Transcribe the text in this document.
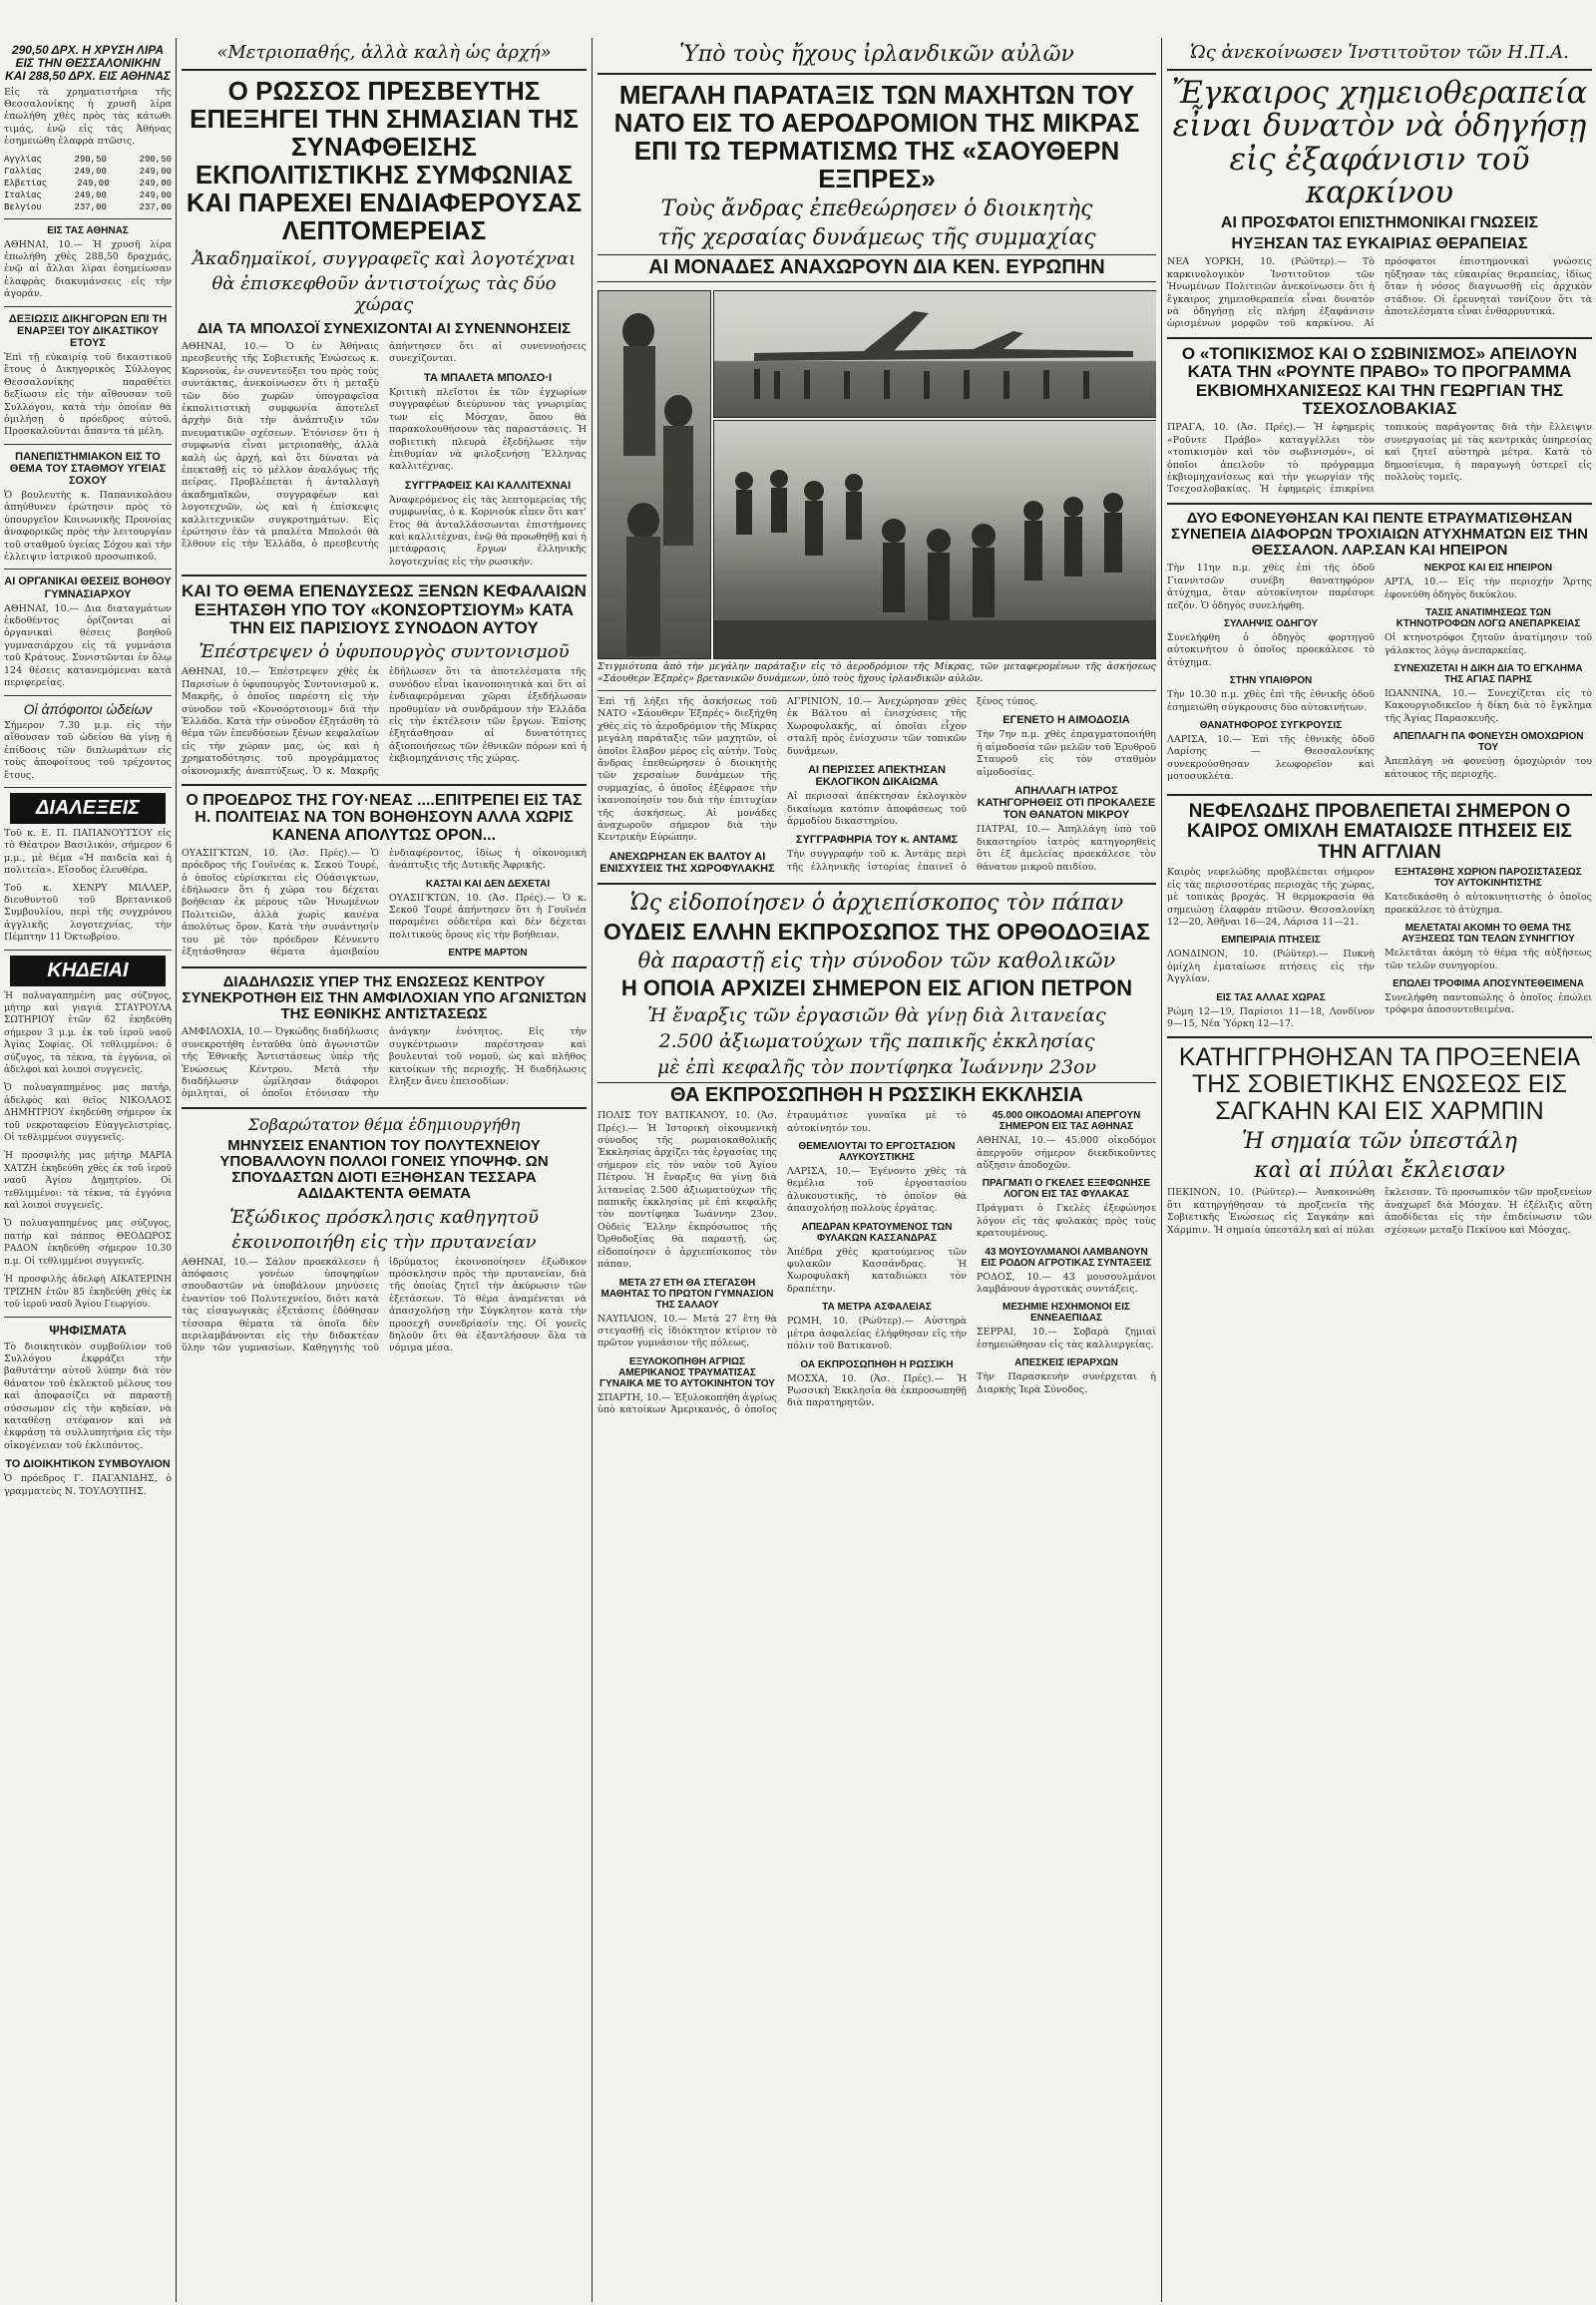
290,50 ΔΡΧ. Η ΧΡΥΣΗ ΛΙΡΑ ΕΙΣ ΤΗΝ ΘΕΣΣΑΛΟΝΙΚΗΝ ΚΑΙ 288,50 ΔΡΧ. ΕΙΣ ΑΘΗΝΑΣ

Εἰς τὰ χρηματιστήρια τῆς Θεσσαλονίκης ἡ χρυσῆ λίρα ἐπωλήθη χθὲς πρὸς τὰς κάτωθι τιμάς, ἐνῷ εἰς τὰς Ἀθήνας ἐσημειώθη ἐλαφρὰ πτῶσις.

Αγγλίας	290,50	290,50
Γαλλίας	249,00	249,00
Ελβετίας	249,00	249,00
Ιταλίας	249,00	249,00
Βελγίου	237,00	237,00
ΕΙΣ ΤΑΣ ΑΘΗΝΑΣ

ΑΘΗΝΑΙ, 10.— Ἡ χρυσῆ λίρα ἐπωλήθη χθὲς 288,50 δραχμάς, ἐνῷ αἱ ἄλλαι λίραι ἐσημείωσαν ἐλαφρὰς διακυμάνσεις εἰς τὴν ἀγοράν.

ΔΕΞΙΩΣΙΣ ΔΙΚΗΓΟΡΩΝ ΕΠΙ ΤΗ ΕΝΑΡΞΕΙ ΤΟΥ ΔΙΚΑΣΤΙΚΟΥ ΕΤΟΥΣ

Ἐπὶ τῇ εὐκαιρίᾳ τοῦ δικαστικοῦ ἔτους ὁ Δικηγορικὸς Σύλλογος Θεσσαλονίκης παραθέτει δεξίωσιν εἰς τὴν αἴθουσαν τοῦ Συλλόγου, κατὰ τὴν ὁποίαν θὰ ὁμιλήσῃ ὁ πρόεδρος αὐτοῦ. Προσκαλοῦνται ἅπαντα τὰ μέλη.

ΠΑΝΕΠΙΣΤΗΜΙΑΚΟΝ ΕΙΣ ΤΟ ΘΕΜΑ ΤΟΥ ΣΤΑΘΜΟΥ ΥΓΕΙΑΣ ΣΟΧΟΥ

Ὁ βουλευτὴς κ. Παπανικολάου ἀπηύθυνεν ἐρώτησιν πρὸς τὸ ὑπουργεῖον Κοινωνικῆς Προνοίας ἀναφορικῶς πρὸς τὴν λειτουργίαν τοῦ σταθμοῦ ὑγείας Σόχου καὶ τὴν ἐλλειψιν ἰατρικοῦ προσωπικοῦ.

ΑΙ ΟΡΓΑΝΙΚΑΙ ΘΕΣΕΙΣ ΒΟΗΘΟΥ ΓΥΜΝΑΣΙΑΡΧΟΥ

ΑΘΗΝΑΙ, 10.— Δια διαταγμάτων ἐκδοθέντος ὁρίζονται αἱ ὀργανικαὶ θέσεις βοηθοῦ γυμνασιάρχου εἰς τὰ γυμνάσια τοῦ Κράτους. Συνιστῶνται ἐν ὅλῳ 124 θέσεις κατανεμόμεναι κατὰ περιφερείας.

Οἱ ἀπόφοιτοι ὡδείων

Σήμερον 7.30 μ.μ. εἰς τὴν αἴθουσαν τοῦ ὡδείου θὰ γίνῃ ἡ ἐπίδοσις τῶν διπλωμάτων εἰς τοὺς ἀποφοίτους τοῦ τρέχοντος ἔτους.

ΔΙΑΛΕΞΕΙΣ

Τοῦ κ. Ε. Π. ΠΑΠΑΝΟΥΤΣΟΥ εἰς τὸ Θέατρον Βασιλικόν, σήμερον 6 μ.μ., μὲ θέμα «Ἡ παιδεία καὶ ἡ πολιτεία». Εἴσοδος ἐλευθέρα.

Τοῦ κ. ΧΕΝΡΥ ΜΙΛΛΕΡ, διευθυντοῦ τοῦ Βρετανικοῦ Συμβουλίου, περὶ τῆς συγχρόνου ἀγγλικῆς λογοτεχνίας, τὴν Πέμπτην 11 Ὀκτωβρίου.

ΚΗΔΕΙΑΙ

Ἡ πολυαγαπημένη μας σύζυγος, μήτηρ καὶ γιαγιὰ ΣΤΑΥΡΟΥΛΑ ΣΩΤΗΡΙΟΥ ἐτῶν 62 ἐκηδεύθη σήμερον 3 μ.μ. ἐκ τοῦ ἱεροῦ ναοῦ Ἁγίας Σοφίας. Οἱ τεθλιμμένοι: ὁ σύζυγος, τὰ τέκνα, τὰ ἐγγόνια, οἱ ἀδελφοὶ καὶ λοιποὶ συγγενεῖς.

Ὁ πολυαγαπημένος μας πατήρ, ἀδελφὸς καὶ θεῖος ΝΙΚΟΛΑΟΣ ΔΗΜΗΤΡΙΟΥ ἐκηδεύθη σήμερον ἐκ τοῦ νεκροταφείου Εὐαγγελιστρίας. Οἱ τεθλιμμένοι συγγενεῖς.

Ἡ προσφιλὴς μας μήτηρ ΜΑΡΙΑ ΧΑΤΖΗ ἐκηδεύθη χθὲς ἐκ τοῦ ἱεροῦ ναοῦ Ἁγίου Δημητρίου. Οἱ τεθλιμμένοι: τὰ τέκνα, τὰ ἐγγόνια καὶ λοιποὶ συγγενεῖς.

Ὁ πολυαγαπημένος μας σύζυγος, πατήρ καὶ πάππος ΘΕΟΔΩΡΟΣ ΡΑΔΟΝ ἐκηδεύθη σήμερον 10.30 π.μ. Οἱ τεθλιμμένοι συγγενεῖς.

Ἡ προσφιλὴς ἀδελφὴ ΑΙΚΑΤΕΡΙΝΗ ΤΡΙΖΗΝ ἐτῶν 85 ἐκηδεύθη χθὲς ἐκ τοῦ ἱεροῦ ναοῦ Ἁγίου Γεωργίου.

ΨΗΦΙΣΜΑΤΑ

Τὸ διοικητικὸν συμβούλιον τοῦ Συλλόγου ἐκφράζει τὴν βαθυτάτην αὐτοῦ λύπην διὰ τὸν θάνατον τοῦ ἐκλεκτοῦ μέλους του καὶ ἀποφασίζει νὰ παραστῇ σύσσωμον εἰς τὴν κηδείαν, νὰ καταθέσῃ στέφανον καὶ νὰ ἐκφράσῃ τὰ συλλυπητήρια εἰς τὴν οἰκογένειαν τοῦ ἐκλιπόντος.

ΤΟ ΔΙΟΙΚΗΤΙΚΟΝ ΣΥΜΒΟΥΛΙΟΝ

Ὁ πρόεδρος Γ. ΠΑΓΑΝΙΔΗΣ, ὁ γραμματεὺς Ν. ΤΟΥΛΟΥΠΗΣ.

«Μετριοπαθής, ἀλλὰ καλὴ ὡς ἀρχή»
Ο ΡΩΣΣΟΣ ΠΡΕΣΒΕΥΤΗΣ ΕΠΕΞΗΓΕΙ ΤΗΝ ΣΗΜΑΣΙΑΝ ΤΗΣ ΣΥΝΑΦΘΕΙΣΗΣ ΕΚΠΟΛΙΤΙΣΤΙΚΗΣ ΣΥΜΦΩΝΙΑΣ ΚΑΙ ΠΑΡΕΧΕΙ ΕΝΔΙΑΦΕΡΟΥΣΑΣ ΛΕΠΤΟΜΕΡΕΙΑΣ
Ἀκαδημαϊκοί, συγγραφεῖς καὶ λογοτέχναι
θὰ ἐπισκεφθοῦν ἀντιστοίχως τὰς δύο χώρας
ΔΙΑ ΤΑ ΜΠΟΛΣΟΪ ΣΥΝΕΧΙΖΟΝΤΑΙ ΑΙ ΣΥΝΕΝΝΟΗΣΕΙΣ

ΑΘΗΝΑΙ, 10.— Ὁ ἐν Ἀθήναις πρεσβευτὴς τῆς Σοβιετικῆς Ἑνώσεως κ. Κορνιούκ, ἐν συνεντεύξει του πρὸς τοὺς συντάκτας, ἀνεκοίνωσεν ὅτι ἡ μεταξὺ τῶν δύο χωρῶν ὑπογραφεῖσα ἐκπολιτιστικὴ συμφωνία ἀποτελεῖ ἀρχὴν διὰ τὴν ἀνάπτυξιν τῶν πνευματικῶν σχέσεων. Ἐτόνισεν ὅτι ἡ συμφωνία εἶναι μετριοπαθής, ἀλλὰ καλὴ ὡς ἀρχή, καὶ ὅτι δύναται νὰ ἐπεκταθῇ εἰς τὸ μέλλον ἀναλόγως τῆς πείρας. Προβλέπεται ἡ ἀνταλλαγὴ ἀκαδημαϊκῶν, συγγραφέων καὶ λογοτεχνῶν, ὡς καὶ ἡ ἐπίσκεψις καλλιτεχνικῶν συγκροτημάτων. Εἰς ἐρώτησιν ἐὰν τὰ μπαλέτα Μπολσόι θὰ ἔλθουν εἰς τὴν Ἑλλάδα, ὁ πρεσβευτὴς ἀπήντησεν ὅτι αἱ συνεννοήσεις συνεχίζονται.

ΤΑ ΜΠΑΛΕΤΑ ΜΠΟΛΣΟ·Ι

Κριτικὴ πλεῖστοι ἐκ τῶν ἐγχωρίων συγγραφέων διεύρυνον τὰς γνωριμίας των εἰς Μόσχαν, ὅπου θὰ παρακολουθήσουν τὰς παραστάσεις. Ἡ σοβιετικὴ πλευρὰ ἐξεδήλωσε τὴν ἐπιθυμίαν νὰ φιλοξενήσῃ Ἕλληνας καλλιτέχνας.

ΣΥΓΓΡΑΦΕΙΣ ΚΑΙ ΚΑΛΛΙΤΕΧΝΑΙ

Ἀναφερόμενος εἰς τὰς λεπτομερείας τῆς συμφωνίας, ὁ κ. Κορνιούκ εἶπεν ὅτι κατ' ἔτος θὰ ἀνταλλάσσωνται ἐπιστήμονες καὶ καλλιτέχναι, ἐνῷ θὰ προωθηθῇ καὶ ἡ μετάφρασις ἔργων ἑλληνικῆς λογοτεχνίας εἰς τὴν ρωσικήν.

ΚΑΙ ΤΟ ΘΕΜΑ ΕΠΕΝΔΥΣΕΩΣ ΞΕΝΩΝ ΚΕΦΑΛΑΙΩΝ ΕΞΗΤΑΣΘΗ ΥΠΟ ΤΟΥ «ΚΟΝΣΟΡΤΣΙΟΥΜ» ΚΑΤΑ ΤΗΝ ΕΙΣ ΠΑΡΙΣΙΟΥΣ ΣΥΝΟΔΟΝ ΑΥΤΟΥ
Ἐπέστρεψεν ὁ ὑφυπουργὸς συντονισμοῦ

ΑΘΗΝΑΙ, 10.— Ἐπέστρεψεν χθὲς ἐκ Παρισίων ὁ ὑφυπουργὸς Συντονισμοῦ κ. Μακρῆς, ὁ ὁποῖος παρέστη εἰς τὴν σύνοδον τοῦ «Κονσόρτσιουμ» διὰ τὴν Ἑλλάδα. Κατὰ τὴν σύνοδον ἐξητάσθη τὸ θέμα τῶν ἐπενδύσεων ξένων κεφαλαίων εἰς τὴν χώραν μας, ὡς καὶ ἡ χρηματοδότησις τοῦ προγράμματος οἰκονομικῆς ἀναπτύξεως. Ὁ κ. Μακρῆς ἐδήλωσεν ὅτι τὰ ἀποτελέσματα τῆς συνόδου εἶναι ἱκανοποιητικὰ καὶ ὅτι αἱ ἐνδιαφερόμεναι χῶραι ἐξεδήλωσαν προθυμίαν νὰ συνδράμουν τὴν Ἑλλάδα εἰς τὴν ἐκτέλεσιν τῶν ἔργων. Ἐπίσης ἐξητάσθησαν αἱ δυνατότητες ἀξιοποιήσεως τῶν ἐθνικῶν πόρων καὶ ἡ ἐκβιομηχάνισις τῆς χώρας.

Ο ΠΡΟΕΔΡΟΣ ΤΗΣ ΓΟΥ·ΝΕΑΣ ....ΕΠΙΤΡΕΠΕΙ ΕΙΣ ΤΑΣ Η. ΠΟΛΙΤΕΙΑΣ ΝΑ ΤΟΝ ΒΟΗΘΗΣΟΥΝ ΑΛΛΑ ΧΩΡΙΣ ΚΑΝΕΝΑ ΑΠΟΛΥΤΩΣ ΟΡΟΝ...

ΟΥΑΣΙΓΚΤΩΝ, 10. (Ἀσ. Πρές).— Ὁ πρόεδρος τῆς Γουϊνέας κ. Σεκού Τουρέ, ὁ ὁποῖος εὑρίσκεται εἰς Οὐάσιγκτων, ἐδήλωσεν ὅτι ἡ χώρα του δέχεται βοήθειαν ἐκ μέρους τῶν Ἡνωμένων Πολιτειῶν, ἀλλὰ χωρὶς κανένα ἀπολύτως ὅρον. Κατὰ τὴν συνάντησίν του μὲ τὸν πρόεδρον Κέννεντυ ἐξητάσθησαν θέματα ἀμοιβαίου ἐνδιαφέροντος, ἰδίως ἡ οἰκονομικὴ ἀνάπτυξις τῆς Δυτικῆς Ἀφρικῆς.

ΚΑΣΤΑΙ ΚΑΙ ΔΕΝ ΔΕΧΕΤΑΙ

ΟΥΑΣΙΓΚΤΩΝ, 10. (Ἀσ. Πρές).— Ὁ κ. Σεκοῦ Τουρέ ἀπήντησεν ὅτι ἡ Γουϊνέα παραμένει οὐδετέρα καὶ δὲν δέχεται πολιτικοὺς ὅρους εἰς τὴν βοήθειαν.

ΕΝΤΡΕ ΜΑΡΤΟΝ
ΔΙΑΔΗΛΩΣΙΣ ΥΠΕΡ ΤΗΣ ΕΝΩΣΕΩΣ ΚΕΝΤΡΟΥ ΣΥΝΕΚΡΟΤΗΘΗ ΕΙΣ ΤΗΝ ΑΜΦΙΛΟΧΙΑΝ ΥΠΟ ΑΓΩΝΙΣΤΩΝ ΤΗΣ ΕΘΝΙΚΗΣ ΑΝΤΙΣΤΑΣΕΩΣ

ΑΜΦΙΛΟΧΙΑ, 10.— Ὀγκώδης διαδήλωσις συνεκροτήθη ἐνταῦθα ὑπὸ ἀγωνιστῶν τῆς Ἐθνικῆς Ἀντιστάσεως ὑπὲρ τῆς Ἑνώσεως Κέντρου. Μετὰ τὴν διαδήλωσιν ὡμίλησαν διάφοροι ὁμιληταὶ, οἱ ὁποῖοι ἐτόνισαν τὴν ἀνάγκην ἑνότητος. Εἰς τὴν συγκέντρωσιν παρέστησαν καὶ βουλευταὶ τοῦ νομοῦ, ὡς καὶ πλῆθος κατοίκων τῆς περιοχῆς. Ἡ διαδήλωσις ἔληξεν ἄνευ ἐπεισοδίων.

Σοβαρώτατον θέμα ἐδημιουργήθη
ΜΗΝΥΣΕΙΣ ΕΝΑΝΤΙΟΝ ΤΟΥ ΠΟΛΥΤΕΧΝΕΙΟΥ ΥΠΟΒΑΛΛΟΥΝ ΠΟΛΛΟΙ ΓΟΝΕΙΣ ΥΠΟΨΗΦ. ΩΝ ΣΠΟΥΔΑΣΤΩΝ ΔΙΟΤΙ ΕΞΗΘΗΣΑΝ ΤΕΣΣΑΡΑ ΑΔΙΔΑΚΤΕΝΤΑ ΘΕΜΑΤΑ
Ἐξώδικος πρόσκλησις καθηγητοῦ
ἐκοινοποιήθη εἰς τὴν πρυτανείαν

ΑΘΗΝΑΙ, 10.— Σάλον προεκάλεσεν ἡ ἀπόφασις γονέων ὑποψηφίων σπουδαστῶν νὰ ὑποβάλουν μηνύσεις ἐναντίον τοῦ Πολυτεχνείου, διότι κατὰ τὰς εἰσαγωγικὰς ἐξετάσεις ἐδόθησαν τέσσαρα θέματα τὰ ὁποῖα δὲν περιλαμβάνονται εἰς τὴν διδακτέαν ὕλην τῶν γυμνασίων. Καθηγητὴς τοῦ ἱδρύματος ἐκοινοποίησεν ἐξώδικον πρόσκλησιν πρὸς τὴν πρυτανείαν, διὰ τῆς ὁποίας ζητεῖ τὴν ἀκύρωσιν τῶν ἐξετάσεων. Τὸ θέμα ἀναμένεται νὰ ἀπασχολήσῃ τὴν Σύγκλητον κατὰ τὴν προσεχῆ συνεδρίασίν της. Οἱ γονεῖς δηλοῦν ὅτι θὰ ἐξαντλήσουν ὅλα τὰ νόμιμα μέσα.

Ὑπὸ τοὺς ἤχους ἰρλανδικῶν αὐλῶν
ΜΕΓΑΛΗ ΠΑΡΑΤΑΞΙΣ ΤΩΝ ΜΑΧΗΤΩΝ ΤΟΥ ΝΑΤΟ ΕΙΣ ΤΟ ΑΕΡΟΔΡΟΜΙΟΝ ΤΗΣ ΜΙΚΡΑΣ ΕΠΙ ΤΩ ΤΕΡΜΑΤΙΣΜΩ ΤΗΣ «ΣΑΟΥΘΕΡΝ ΕΞΠΡΕΣ»
Τοὺς ἄνδρας ἐπεθεώρησεν ὁ διοικητὴς
τῆς χερσαίας δυνάμεως τῆς συμμαχίας
ΑΙ ΜΟΝΑΔΕΣ ΑΝΑΧΩΡΟΥΝ ΔΙΑ ΚΕΝ. ΕΥΡΩΠΗΝ

Στιγμιότυπα ἀπὸ τὴν μεγάλην παράταξιν εἰς τὸ ἀεροδρόμιον τῆς Μίκρας, τῶν μεταφερομένων τῆς ἀσκήσεως «Σάουθερν Ἐξπρὲς» βρετανικῶν δυνάμεων, ὑπὸ τοὺς ἤχους ἰρλανδικῶν αὐλῶν.

Ἐπὶ τῇ λήξει τῆς ἀσκήσεως τοῦ ΝΑΤΟ «Σάουθερν Ἐξπρές» διεξήχθη χθὲς εἰς τὸ ἀεροδρόμιον τῆς Μίκρας μεγάλη παράταξις τῶν μαχητῶν, οἱ ὁποῖοι ἔλαβον μέρος εἰς αὐτήν. Τοὺς ἄνδρας ἐπεθεώρησεν ὁ διοικητὴς τῶν χερσαίων δυνάμεων τῆς συμμαχίας, ὁ ὁποῖος ἐξέφρασε τὴν ἱκανοποίησίν του διὰ τὴν ἐπιτυχίαν τῆς ἀσκήσεως. Αἱ μονάδες ἀναχωροῦν σήμερον διὰ τὴν Κεντρικὴν Εὐρώπην.

ΑΝΕΧΩΡΗΣΑΝ ΕΚ ΒΑΛΤΟΥ ΑΙ ΕΝΙΣΧΥΣΕΙΣ ΤΗΣ ΧΩΡΟΦΥΛΑΚΗΣ

ΑΓΡΙΝΙΟΝ, 10.— Ἀνεχώρησαν χθὲς ἐκ Βάλτου αἱ ἐνισχύσεις τῆς Χωροφυλακῆς, αἱ ὁποῖαι εἶχον σταλῆ πρὸς ἐνίσχυσιν τῶν τοπικῶν δυνάμεων.

ΑΙ ΠΕΡΙΣΣΕΣ ΑΠΕΚΤΗΣΑΝ ΕΚΛΟΓΙΚΟΝ ΔΙΚΑΙΩΜΑ

Αἱ περισσαὶ ἀπέκτησαν ἐκλογικὸν δικαίωμα κατόπιν ἀποφάσεως τοῦ ἁρμοδίου δικαστηρίου.

ΣΥΓΓΡΑΦΗΡΙΑ ΤΟΥ κ. ΑΝΤΑΜΣ

Τὴν συγγραφὴν τοῦ κ. Ἀντάμς περὶ τῆς ἑλληνικῆς ἱστορίας ἐπαινεῖ ὁ ξένος τύπος.

ΕΓΕΝΕΤΟ Η ΑΙΜΟΔΟΣΙΑ

Τὴν 7ην π.μ. χθὲς ἐπραγματοποιήθη ἡ αἱμοδοσία τῶν μελῶν τοῦ Ἐρυθροῦ Σταυροῦ εἰς τὸν σταθμὸν αἱμοδοσίας.

ΑΠΗΛΛΑΓΗ ΙΑΤΡΟΣ ΚΑΤΗΓΟΡΗΘΕΙΣ ΟΤΙ ΠΡΟΚΑΛΕΣΕ ΤΟΝ ΘΑΝΑΤΟΝ ΜΙΚΡΟΥ

ΠΑΤΡΑΙ, 10.— Ἀπηλλάγη ὑπὸ τοῦ δικαστηρίου ἰατρὸς κατηγορηθεὶς ὅτι ἐξ ἀμελείας προεκάλεσε τὸν θάνατον μικροῦ παιδίου.

Ὡς εἰδοποίησεν ὁ ἀρχιεπίσκοπος τὸν πάπαν
ΟΥΔΕΙΣ ΕΛΛΗΝ ΕΚΠΡΟΣΩΠΟΣ ΤΗΣ ΟΡΘΟΔΟΞΙΑΣ
θὰ παραστῇ εἰς τὴν σύνοδον τῶν καθολικῶν
Η ΟΠΟΙΑ ΑΡΧΙΖΕΙ ΣΗΜΕΡΟΝ ΕΙΣ ΑΓΙΟΝ ΠΕΤΡΟΝ
Ἡ ἔναρξις τῶν ἐργασιῶν θὰ γίνῃ διὰ λιτανείας
2.500 ἀξιωματούχων τῆς παπικῆς ἐκκλησίας
μὲ ἐπὶ κεφαλῆς τὸν ποντίφηκα Ἰωάννην 23ον
ΘΑ ΕΚΠΡΟΣΩΠΗΘΗ Η ΡΩΣΣΙΚΗ ΕΚΚΛΗΣΙΑ

ΠΟΛΙΣ ΤΟΥ ΒΑΤΙΚΑΝΟΥ, 10. (Ἀσ. Πρές).— Ἡ Ἱστορικὴ οἰκουμενικὴ σύνοδος τῆς ρωμαιοκαθολικῆς Ἐκκλησίας ἀρχίζει τὰς ἐργασίας της σήμερον εἰς τὸν ναὸν τοῦ Ἁγίου Πέτρου. Ἡ ἔναρξις θὰ γίνῃ διὰ λιτανείας 2.500 ἀξιωματούχων τῆς παπικῆς ἐκκλησίας μὲ ἐπὶ κεφαλῆς τὸν ποντίφηκα Ἰωάννην 23ον. Οὐδεὶς Ἕλλην ἐκπρόσωπος τῆς Ὀρθοδοξίας θὰ παραστῇ, ὡς εἰδοποίησεν ὁ ἀρχιεπίσκοπος τὸν πάπαν.

ΜΕΤΑ 27 ΕΤΗ ΘΑ ΣΤΕΓΑΣΘΗ ΜΑΘΗΤΑΣ ΤΟ ΠΡΩΤΟΝ ΓΥΜΝΑΣΙΟΝ ΤΗΣ ΣΑΛΑΟΥ

ΝΑΥΠΛΙΟΝ, 10.— Μετὰ 27 ἔτη θὰ στεγασθῇ εἰς ἰδιόκτητον κτίριον τὸ πρῶτον γυμνάσιον τῆς πόλεως.

ΕΞΥΛΟΚΟΠΗΘΗ ΑΓΡΙΩΣ ΑΜΕΡΙΚΑΝΟΣ ΤΡΑΥΜΑΤΙΣΑΣ ΓΥΝΑΙΚΑ ΜΕ ΤΟ ΑΥΤΟΚΙΝΗΤΟΝ ΤΟΥ

ΣΠΑΡΤΗ, 10.— Ἐξυλοκοπήθη ἀγρίως ὑπὸ κατοίκων Ἀμερικανός, ὁ ὁποῖος ἐτραυμάτισε γυναῖκα μὲ τὸ αὐτοκίνητόν του.

ΘΕΜΕΛΙΟΥΤΑΙ ΤΟ ΕΡΓΟΣΤΑΣΙΟΝ ΑΛΥΚΟΥΣΤΙΚΗΣ

ΛΑΡΙΣΑ, 10.— Ἐγένοντο χθὲς τὰ θεμέλια τοῦ ἐργοστασίου ἀλυκουστικῆς, τὸ ὁποῖον θὰ ἀπασχολήσῃ πολλοὺς ἐργάτας.

ΑΠΕΔΡΑΝ ΚΡΑΤΟΥΜΕΝΟΣ ΤΩΝ ΦΥΛΑΚΩΝ ΚΑΣΣΑΝΔΡΑΣ

Ἀπέδρα χθὲς κρατούμενος τῶν φυλακῶν Κασσάνδρας. Ἡ Χωροφυλακὴ καταδιώκει τὸν δραπέτην.

ΤΑ ΜΕΤΡΑ ΑΣΦΑΛΕΙΑΣ

ΡΩΜΗ, 10. (Ρώϋτερ).— Αὐστηρὰ μέτρα ἀσφαλείας ἐλήφθησαν εἰς τὴν πόλιν τοῦ Βατικανοῦ.

ΟΑ ΕΚΠΡΟΣΩΠΗΘΗ Η ΡΩΣΣΙΚΗ

ΜΟΣΧΑ, 10. (Ἀσ. Πρές).— Ἡ Ρωσσικὴ Ἐκκλησία θὰ ἐκπροσωπηθῇ διὰ παρατηρητῶν.

45.000 ΟΙΚΟΔΟΜΑΙ ΑΠΕΡΓΟΥΝ ΣΗΜΕΡΟΝ ΕΙΣ ΤΑΣ ΑΘΗΝΑΣ

ΑΘΗΝΑΙ, 10.— 45.000 οἰκοδόμοι ἀπεργοῦν σήμερον διεκδικοῦντες αὔξησιν ἀποδοχῶν.

ΠΡΑΓΜΑΤΙ Ο ΓΚΕΛΕΣ ΕΞΕΦΩΝΗΣΕ ΛΟΓΟΝ ΕΙΣ ΤΑΣ ΦΥΛΑΚΑΣ

Πράγματι ὁ Γκελὲς ἐξεφώνησε λόγον εἰς τὰς φυλακὰς πρὸς τοὺς κρατουμένους.

43 ΜΟΥΣΟΥΛΜΑΝΟΙ ΛΑΜΒΑΝΟΥΝ ΕΙΣ ΡΟΔΟΝ ΑΓΡΟΤΙΚΑΣ ΣΥΝΤΑΞΕΙΣ

ΡΟΔΟΣ, 10.— 43 μουσουλμάνοι λαμβάνουν ἀγροτικὰς συντάξεις.

ΜΕΣΗΜΙΕ ΗΣΧΗΜΟΝΟΙ ΕΙΣ ΕΝΝΕΑΕΠΙΔΑΣ

ΣΕΡΡΑΙ, 10.— Σοβαρὰ ζημιαὶ ἐσημειώθησαν εἰς τὰς καλλιεργείας.

ΑΠΕΣΚΕΙΣ ΙΕΡΑΡΧΩΝ

Τὴν Παρασκευὴν συνέρχεται ἡ Διαρκὴς Ἱερὰ Σύνοδος.

Ὡς ἀνεκοίνωσεν Ἰνστιτοῦτον τῶν Η.Π.Α.
Ἔγκαιρος χημειοθεραπεία εἶναι δυνατὸν νὰ ὁδηγήσῃ εἰς ἐξαφάνισιν τοῦ καρκίνου
ΑΙ ΠΡΟΣΦΑΤΟΙ ΕΠΙΣΤΗΜΟΝΙΚΑΙ ΓΝΩΣΕΙΣ
ΗΥΞΗΣΑΝ ΤΑΣ ΕΥΚΑΙΡΙΑΣ ΘΕΡΑΠΕΙΑΣ

ΝΕΑ ΥΟΡΚΗ, 10. (Ρώϋτερ).— Τὸ καρκινολογικὸν Ἰνστιτοῦτον τῶν Ἡνωμένων Πολιτειῶν ἀνεκοίνωσεν ὅτι ἡ ἔγκαιρος χημειοθεραπεία εἶναι δυνατὸν νὰ ὁδηγήσῃ εἰς πλήρη ἐξαφάνισιν ὡρισμένων μορφῶν τοῦ καρκίνου. Αἱ πρόσφατοι ἐπιστημονικαὶ γνώσεις ηὔξησαν τὰς εὐκαιρίας θεραπείας, ἰδίως ὅταν ἡ νόσος διαγνωσθῇ εἰς ἀρχικὸν στάδιον. Οἱ ἐρευνηταὶ τονίζουν ὅτι τὰ ἀποτελέσματα εἶναι ἐνθαρρυντικά.

Ο «ΤΟΠΙΚΙΣΜΟΣ ΚΑΙ Ο ΣΩΒΙΝΙΣΜΟΣ» ΑΠΕΙΛΟΥΝ ΚΑΤΑ ΤΗΝ «ΡΟΥΝΤΕ ΠΡΑΒΟ» ΤΟ ΠΡΟΓΡΑΜΜΑ ΕΚΒΙΟΜΗΧΑΝΙΣΕΩΣ ΚΑΙ ΤΗΝ ΓΕΩΡΓΙΑΝ ΤΗΣ ΤΣΕΧΟΣΛΟΒΑΚΙΑΣ

ΠΡΑΓΑ, 10. (Ἀσ. Πρές).— Ἡ ἐφημερὶς «Ροῦντε Πράβο» καταγγέλλει τὸν «τοπικισμὸν καὶ τὸν σωβινισμόν», οἱ ὁποῖοι ἀπειλοῦν τὸ πρόγραμμα ἐκβιομηχανίσεως καὶ τὴν γεωργίαν τῆς Τσεχοσλοβακίας. Ἡ ἐφημερὶς ἐπικρίνει τοπικοὺς παράγοντας διὰ τὴν ἔλλειψιν συνεργασίας μὲ τὰς κεντρικὰς ὑπηρεσίας καὶ ζητεῖ αὐστηρὰ μέτρα. Κατὰ τὸ δημοσίευμα, ἡ παραγωγὴ ὑστερεῖ εἰς πολλοὺς τομεῖς.

ΔΥΟ ΕΦΟΝΕΥΘΗΣΑΝ ΚΑΙ ΠΕΝΤΕ ΕΤΡΑΥΜΑΤΙΣΘΗΣΑΝ ΣΥΝΕΠΕΙΑ ΔΙΑΦΟΡΩΝ ΤΡΟΧΙΑΙΩΝ ΑΤΥΧΗΜΑΤΩΝ ΕΙΣ ΤΗΝ ΘΕΣΣΑΛΟΝ. ΛΑΡ.ΣΑΝ ΚΑΙ ΗΠΕΙΡΟΝ

Τὴν 11ην π.μ. χθὲς ἐπὶ τῆς ὁδοῦ Γιαννιτσῶν συνέβη θανατηφόρον ἀτύχημα, ὅταν αὐτοκίνητον παρέσυρε πεζόν. Ὁ ὁδηγὸς συνελήφθη.

ΣΥΛΛΗΨΙΣ ΟΔΗΓΟΥ

Συνελήφθη ὁ ὁδηγὸς φορτηγοῦ αὐτοκινήτου ὁ ὁποῖος προεκάλεσε τὸ ἀτύχημα.

ΣΤΗΝ ΥΠΑΙΘΡΟΝ

Τὴν 10.30 π.μ. χθὲς ἐπὶ τῆς ἐθνικῆς ὁδοῦ ἐσημειώθη σύγκρουσις δύο αὐτοκινήτων.

ΘΑΝΑΤΗΦΟΡΟΣ ΣΥΓΚΡΟΥΣΙΣ

ΛΑΡΙΣΑ, 10.— Ἐπὶ τῆς ἐθνικῆς ὁδοῦ Λαρίσης — Θεσσαλονίκης συνεκρούσθησαν λεωφορεῖον καὶ μοτοσυκλέτα.

ΝΕΚΡΟΣ ΚΑΙ ΕΙΣ ΗΠΕΙΡΟΝ

ΑΡΤΑ, 10.— Εἰς τὴν περιοχὴν Ἄρτης ἐφονεύθη ὁδηγὸς δικύκλου.

ΤΑΣΙΣ ΑΝΑΤΙΜΗΣΕΩΣ ΤΩΝ ΚΤΗΝΟΤΡΟΦΩΝ ΛΟΓΩ ΑΝΕΠΑΡΚΕΙΑΣ

Οἱ κτηνοτρόφοι ζητοῦν ἀνατίμησιν τοῦ γάλακτος λόγῳ ἀνεπαρκείας.

ΣΥΝΕΧΙΖΕΤΑΙ Η ΔΙΚΗ ΔΙΑ ΤΟ ΕΓΚΛΗΜΑ ΤΗΣ ΑΓΙΑΣ ΠΑΡΗΣ

ΙΩΑΝΝΙΝΑ, 10.— Συνεχίζεται εἰς τὸ Κακουργιοδικεῖον ἡ δίκη διὰ τὸ ἔγκλημα τῆς Ἁγίας Παρασκευῆς.

ΑΠΕΠΛΑΓΗ ΠΑ ΦΟΝΕΥΣΗ ΟΜΟΧΩΡΙΟΝ ΤΟΥ

Ἀπεπλάγη νὰ φονεύσῃ ὁμοχώριόν του κάτοικος τῆς περιοχῆς.

ΝΕΦΕΛΩΔΗΣ ΠΡΟΒΛΕΠΕΤΑΙ ΣΗΜΕΡΟΝ Ο ΚΑΙΡΟΣ ΟΜΙΧΛΗ ΕΜΑΤΑΙΩΣΕ ΠΤΗΣΕΙΣ ΕΙΣ ΤΗΝ ΑΓΓΛΙΑΝ

Καιρὸς νεφελώδης προβλέπεται σήμερον εἰς τὰς περισσοτέρας περιοχὰς τῆς χώρας, μὲ τοπικὰς βροχάς. Ἡ θερμοκρασία θὰ σημειώσῃ ἐλαφρὰν πτῶσιν. Θεσσαλονίκη 12—20, Ἀθῆναι 16—24, Λάρισα 11—21.

ΕΜΠΕΙΡΑΙΑ ΠΤΗΣΕΙΣ

ΛΟΝΔΙΝΟΝ, 10. (Ρώϋτερ).— Πυκνὴ ὁμίχλη ἐματαίωσε πτήσεις εἰς τὴν Ἀγγλίαν.

ΕΙΣ ΤΑΣ ΑΛΛΑΣ ΧΩΡΑΣ

Ρώμη 12—19, Παρίσιοι 11—18, Λονδῖνον 9—15, Νέα Ὑόρκη 12—17.

ΕΞΗΤΑΣΘΗΣ ΧΩΡΙΟΝ ΠΑΡΟΣΙΣΤΑΣΕΩΣ ΤΟΥ ΑΥΤΟΚΙΝΗΤΙΣΤΗΣ

Κατεδικάσθη ὁ αὐτοκινητιστὴς ὁ ὁποῖος προεκάλεσε τὸ ἀτύχημα.

ΜΕΛΕΤΑΤΑΙ ΑΚΟΜΗ ΤΟ ΘΕΜΑ ΤΗΣ ΑΥΞΗΣΕΩΣ ΤΩΝ ΤΕΛΩΝ ΣΥΝΗΓΓΙΟΥ

Μελετᾶται ἀκόμη τὸ θέμα τῆς αὐξήσεως τῶν τελῶν συνηγορίου.

ΕΠΩΛΕΙ ΤΡΟΦΙΜΑ ΑΠΟΣΥΝΤΕΘΕΙΜΕΝΑ

Συνελήφθη παντοπώλης ὁ ὁποῖος ἐπώλει τρόφιμα ἀποσυντεθειμένα.

ΚΑΤΗΓΓΡΗΘΗΣΑΝ ΤΑ ΠΡΟΞΕΝΕΙΑ ΤΗΣ ΣΟΒΙΕΤΙΚΗΣ ΕΝΩΣΕΩΣ ΕΙΣ ΣΑΓΚΑΗΝ ΚΑΙ ΕΙΣ ΧΑΡΜΠΙΝ
Ἡ σημαία τῶν ὑπεστάλη
καὶ αἱ πύλαι ἔκλεισαν

ΠΕΚΙΝΟΝ, 10. (Ρώϋτερ).— Ἀνακοινώθη ὅτι κατηργήθησαν τὰ προξενεῖα τῆς Σοβιετικῆς Ἑνώσεως εἰς Σαγκάην καὶ Χάρμπιν. Ἡ σημαία ὑπεστάλη καὶ αἱ πύλαι ἔκλεισαν. Τὸ προσωπικὸν τῶν προξενείων ἀναχωρεῖ διὰ Μόσχαν. Ἡ ἐξέλιξις αὕτη ἀποδίδεται εἰς τὴν ἐπιδείνωσιν τῶν σχέσεων μεταξὺ Πεκίνου καὶ Μόσχας.
